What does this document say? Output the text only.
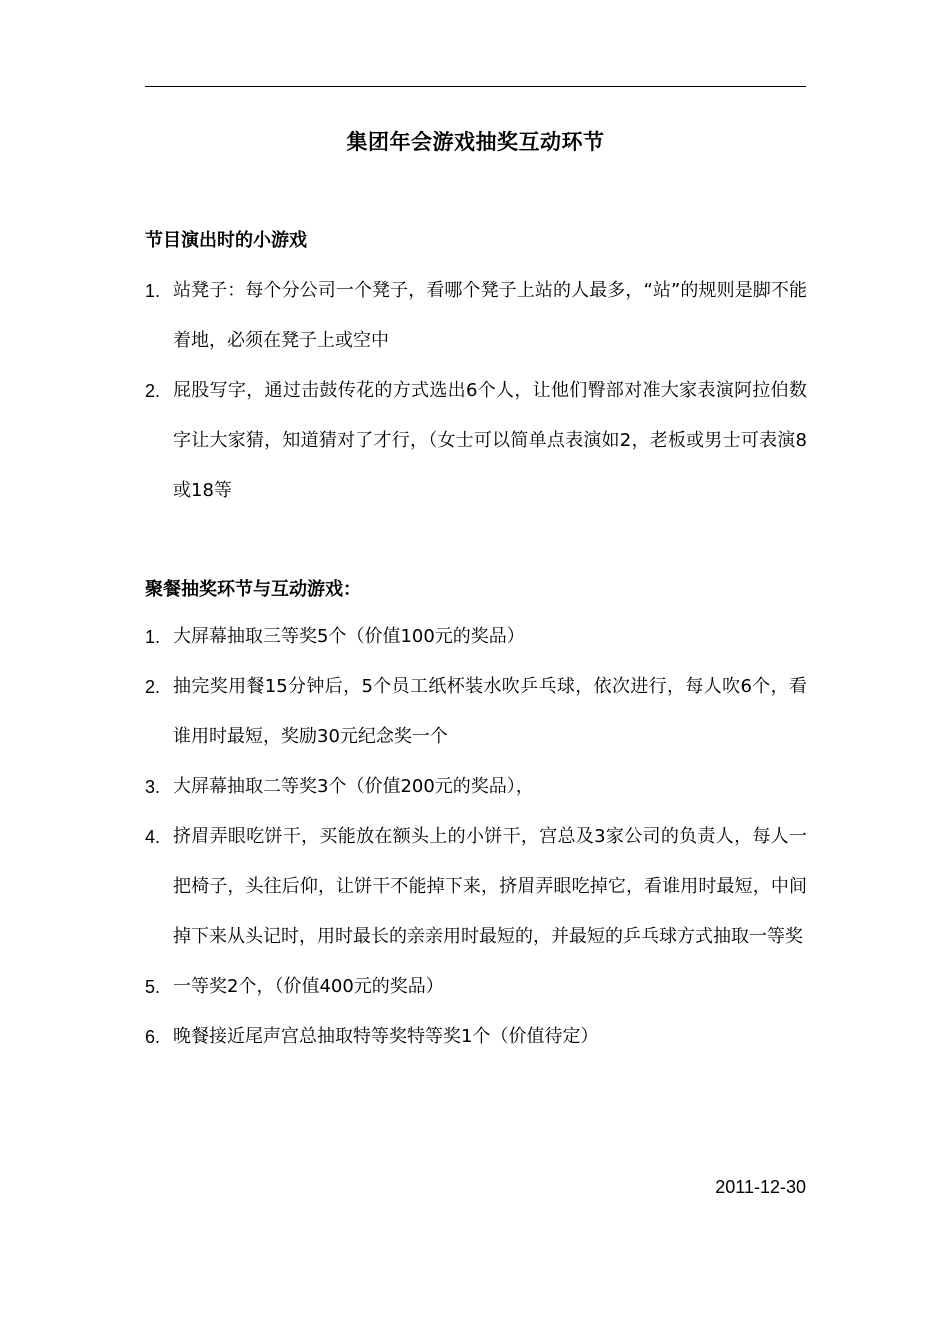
集团年会游戏抽奖互动环节
节目演出时的小游戏
1. 站凳子：每个分公司一个凳子，看哪个凳子上站的人最多，“站”的规则是脚不能着地，必须在凳子上或空中
2. 屁股写字，通过击鼓传花的方式选出6个人，让他们臀部对准大家表演阿拉伯数字让大家猜，知道猜对了才行，（女士可以简单点表演如2，老板或男士可表演8或18等
聚餐抽奖环节与互动游戏：
1. 大屏幕抽取三等奖5个（价值100元的奖品）
2. 抽完奖用餐15分钟后，5个员工纸杯装水吹乒乓球，依次进行，每人吹6个，看谁用时最短，奖励30元纪念奖一个
3. 大屏幕抽取二等奖3个（价值200元的奖品），
4. 挤眉弄眼吃饼干，买能放在额头上的小饼干，宫总及3家公司的负责人，每人一把椅子，头往后仰，让饼干不能掉下来，挤眉弄眼吃掉它，看谁用时最短，中间掉下来从头记时，用时最长的亲亲用时最短的，并最短的乒乓球方式抽取一等奖
5. 一等奖2个，（价值400元的奖品）
6. 晚餐接近尾声宫总抽取特等奖特等奖1个（价值待定）
2011-12-30
